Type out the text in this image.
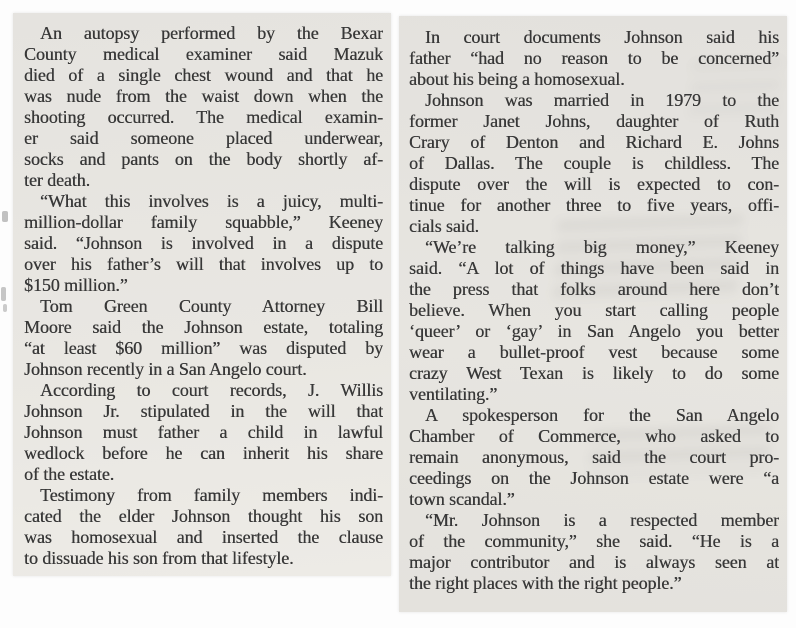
An autopsy performed by the Bexar
County medical examiner said Mazuk
died of a single chest wound and that he
was nude from the waist down when the
shooting occurred. The medical examin-
er said someone placed underwear,
socks and pants on the body shortly af-
ter death.
“What this involves is a juicy, multi-
million-dollar family squabble,” Keeney
said. “Johnson is involved in a dispute
over his father’s will that involves up to
$150 million.”
Tom Green County Attorney Bill
Moore said the Johnson estate, totaling
“at least $60 million” was disputed by
Johnson recently in a San Angelo court.
According to court records, J. Willis
Johnson Jr. stipulated in the will that
Johnson must father a child in lawful
wedlock before he can inherit his share
of the estate.
Testimony from family members indi-
cated the elder Johnson thought his son
was homosexual and inserted the clause
to dissuade his son from that lifestyle.
In court documents Johnson said his
father “had no reason to be concerned”
about his being a homosexual.
Johnson was married in 1979 to the
former Janet Johns, daughter of Ruth
Crary of Denton and Richard E. Johns
of Dallas. The couple is childless. The
dispute over the will is expected to con-
tinue for another three to five years, offi-
cials said.
“We’re talking big money,” Keeney
said. “A lot of things have been said in
the press that folks around here don’t
believe. When you start calling people
‘queer’ or ‘gay’ in San Angelo you better
wear a bullet-proof vest because some
crazy West Texan is likely to do some
ventilating.”
A spokesperson for the San Angelo
Chamber of Commerce, who asked to
remain anonymous, said the court pro-
ceedings on the Johnson estate were “a
town scandal.”
“Mr. Johnson is a respected member
of the community,” she said. “He is a
major contributor and is always seen at
the right places with the right people.”
